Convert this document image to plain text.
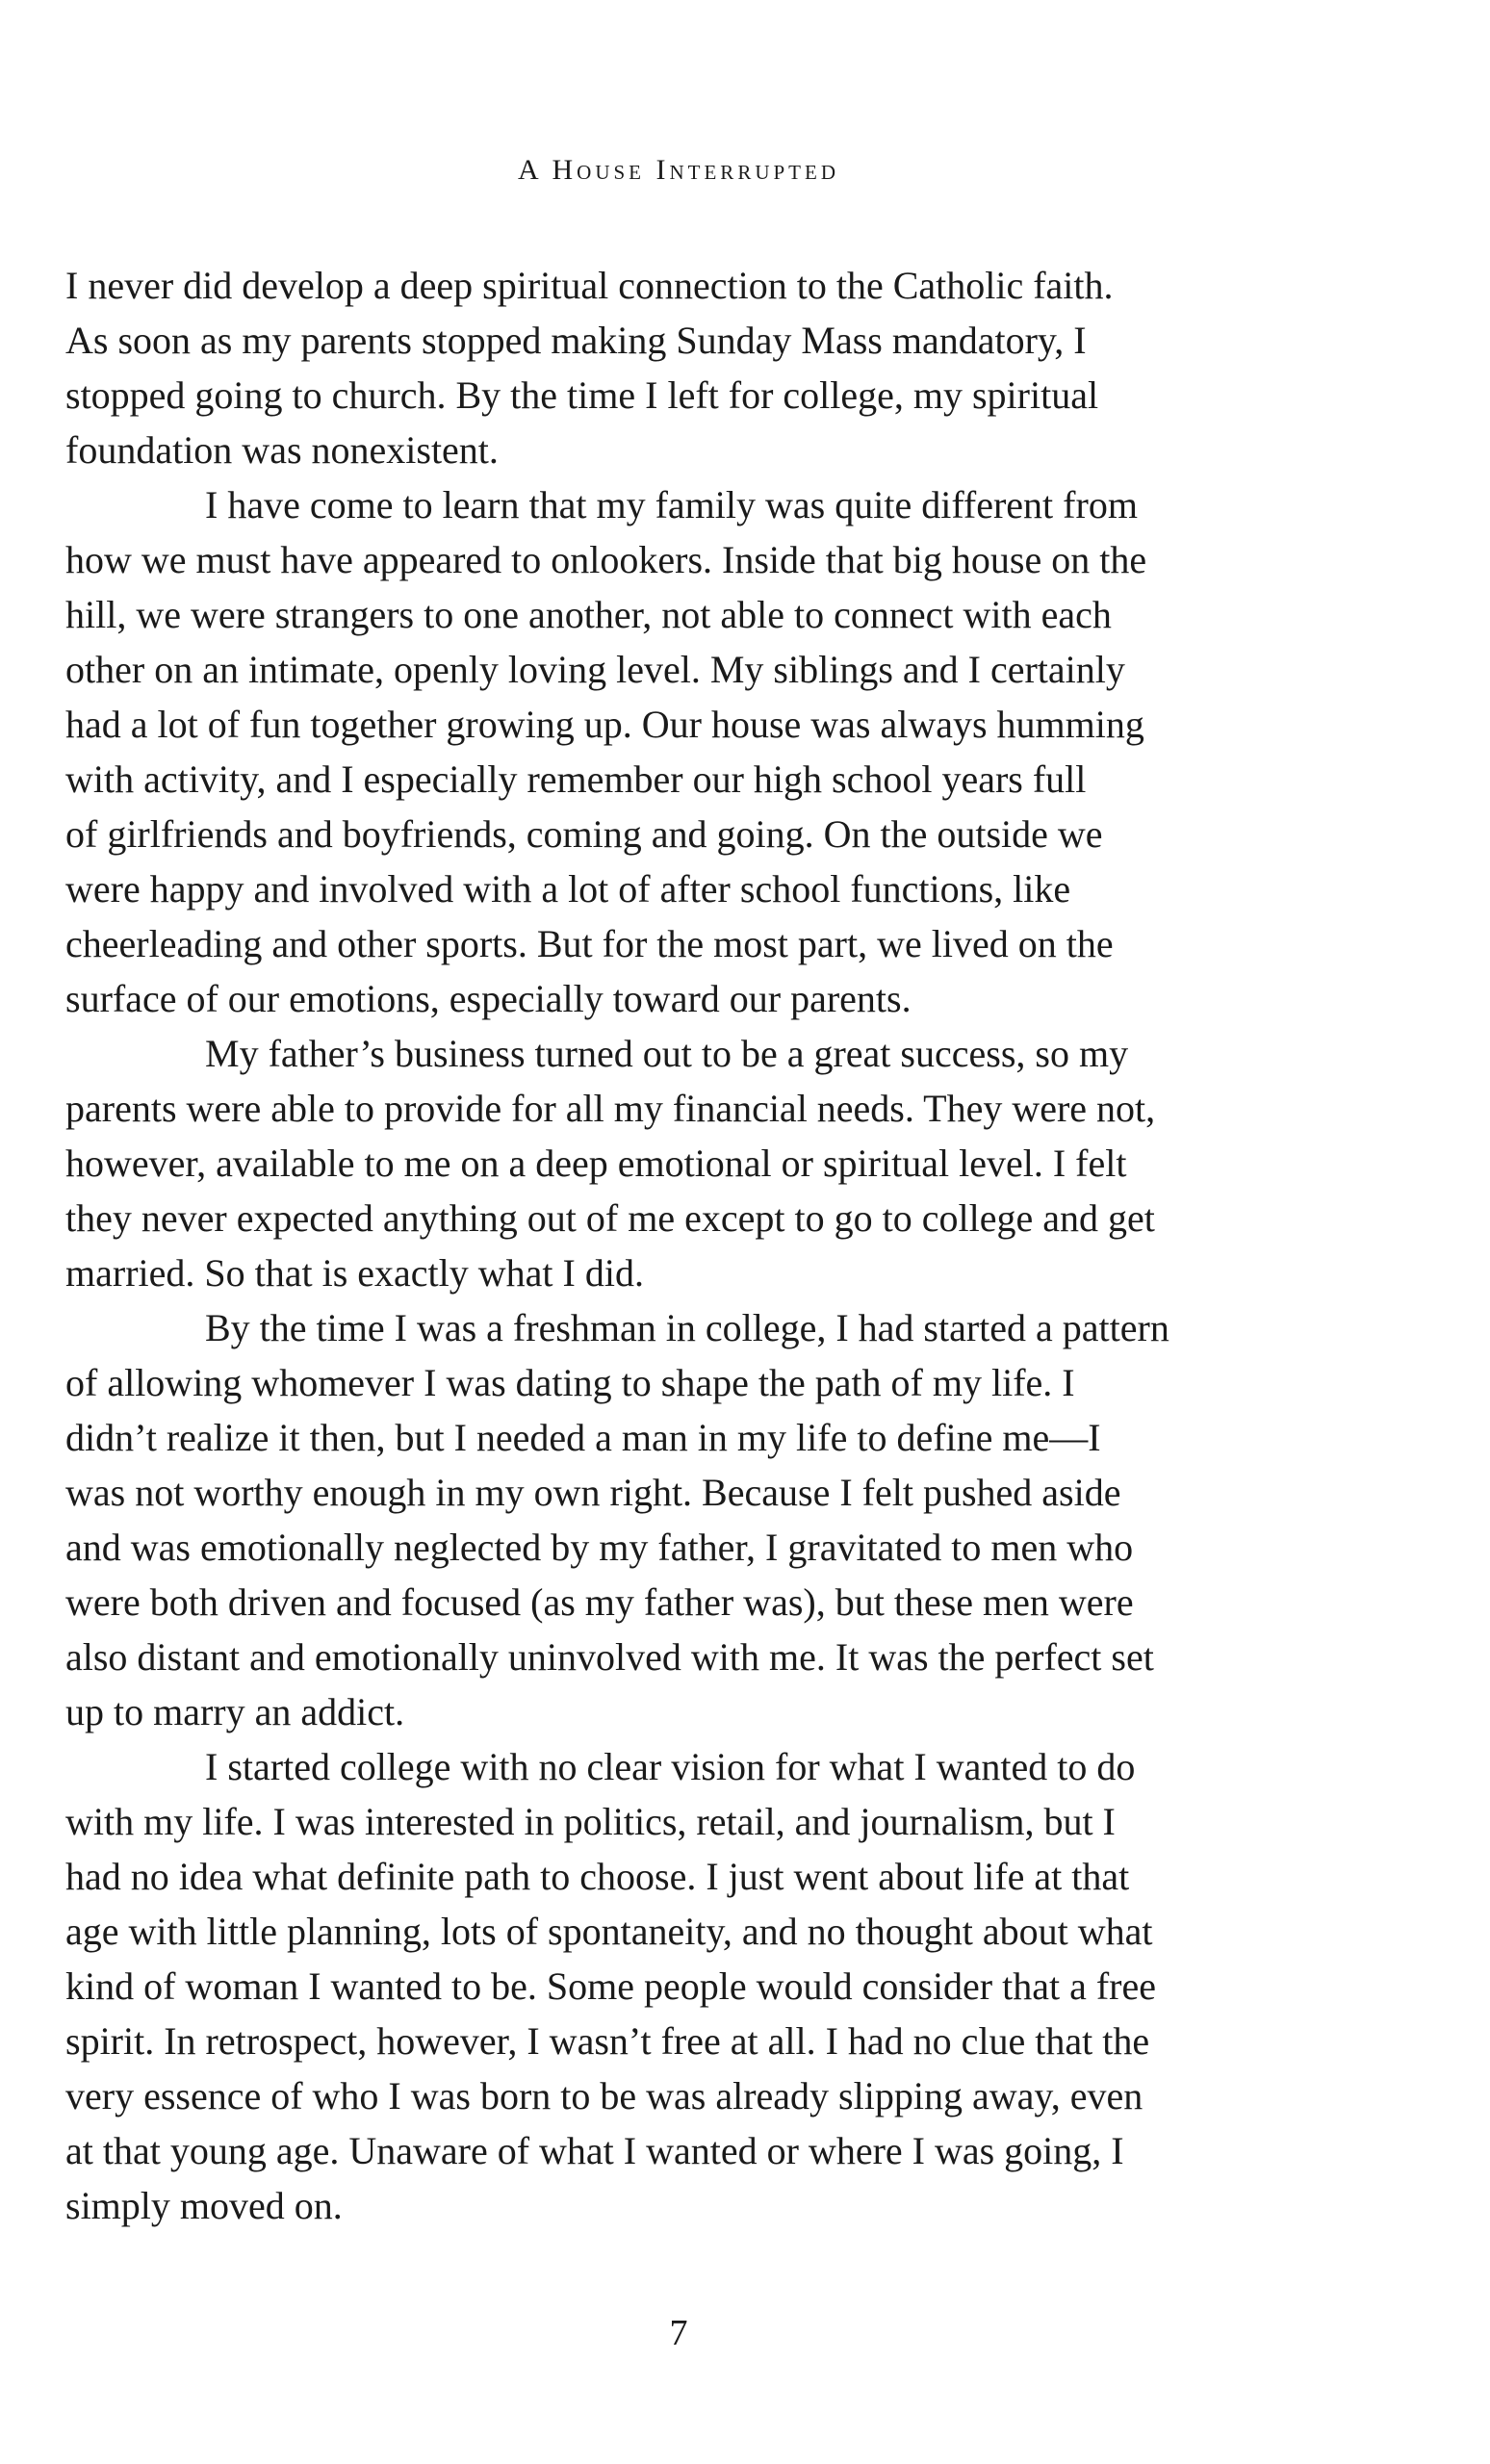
A House Interrupted
I never did develop a deep spiritual connection to the Catholic faith.
As soon as my parents stopped making Sunday Mass mandatory, I
stopped going to church. By the time I left for college, my spiritual
foundation was nonexistent.
I have come to learn that my family was quite different from
how we must have appeared to onlookers. Inside that big house on the
hill, we were strangers to one another, not able to connect with each
other on an intimate, openly loving level. My siblings and I certainly
had a lot of fun together growing up. Our house was always humming
with activity, and I especially remember our high school years full
of girlfriends and boyfriends, coming and going. On the outside we
were happy and involved with a lot of after school functions, like
cheerleading and other sports. But for the most part, we lived on the
surface of our emotions, especially toward our parents.
My father’s business turned out to be a great success, so my
parents were able to provide for all my financial needs. They were not,
however, available to me on a deep emotional or spiritual level. I felt
they never expected anything out of me except to go to college and get
married. So that is exactly what I did.
By the time I was a freshman in college, I had started a pattern
of allowing whomever I was dating to shape the path of my life. I
didn’t realize it then, but I needed a man in my life to define me—I
was not worthy enough in my own right. Because I felt pushed aside
and was emotionally neglected by my father, I gravitated to men who
were both driven and focused (as my father was), but these men were
also distant and emotionally uninvolved with me. It was the perfect set
up to marry an addict.
I started college with no clear vision for what I wanted to do
with my life. I was interested in politics, retail, and journalism, but I
had no idea what definite path to choose. I just went about life at that
age with little planning, lots of spontaneity, and no thought about what
kind of woman I wanted to be. Some people would consider that a free
spirit. In retrospect, however, I wasn’t free at all. I had no clue that the
very essence of who I was born to be was already slipping away, even
at that young age. Unaware of what I wanted or where I was going, I
simply moved on.
7
